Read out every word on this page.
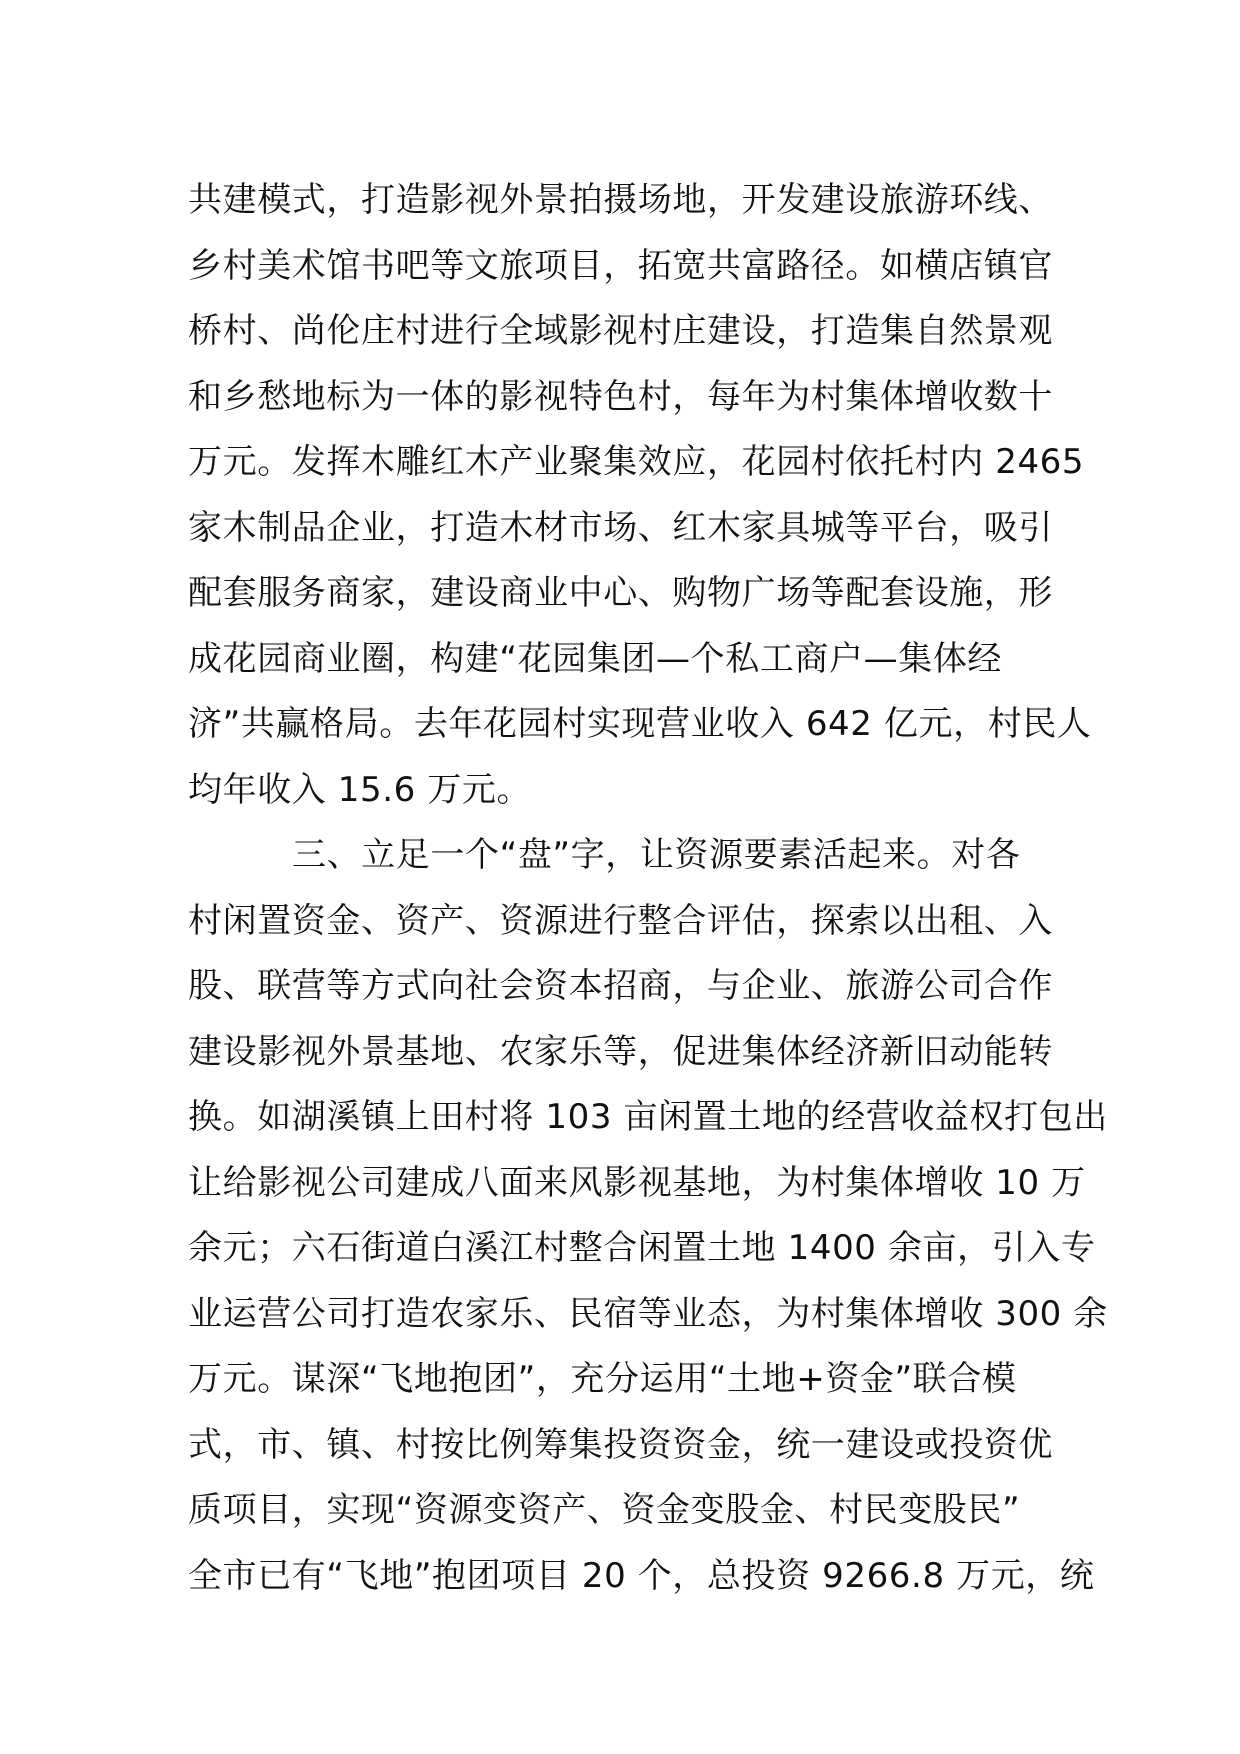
共建模式，打造影视外景拍摄场地，开发建设旅游环线、
乡村美术馆书吧等文旅项目，拓宽共富路径。如横店镇官
桥村、尚伦庄村进行全域影视村庄建设，打造集自然景观
和乡愁地标为一体的影视特色村，每年为村集体增收数十
万元。发挥木雕红木产业聚集效应，花园村依托村内 2465
家木制品企业，打造木材市场、红木家具城等平台，吸引
配套服务商家，建设商业中心、购物广场等配套设施，形
成花园商业圈，构建“花园集团—个私工商户—集体经
济”共赢格局。去年花园村实现营业收入 642 亿元，村民人
均年收入 15.6 万元。
三、立足一个“盘”字，让资源要素活起来。对各
村闲置资金、资产、资源进行整合评估，探索以出租、入
股、联营等方式向社会资本招商，与企业、旅游公司合作
建设影视外景基地、农家乐等，促进集体经济新旧动能转
换。如湖溪镇上田村将 103 亩闲置土地的经营收益权打包出
让给影视公司建成八面来风影视基地，为村集体增收 10 万
余元；六石街道白溪江村整合闲置土地 1400 余亩，引入专
业运营公司打造农家乐、民宿等业态，为村集体增收 300 余
万元。谋深“飞地抱团”，充分运用“土地+资金”联合模
式，市、镇、村按比例筹集投资资金，统一建设或投资优
质项目，实现“资源变资产、资金变股金、村民变股民”
全市已有“飞地”抱团项目 20 个，总投资 9266.8 万元，统
